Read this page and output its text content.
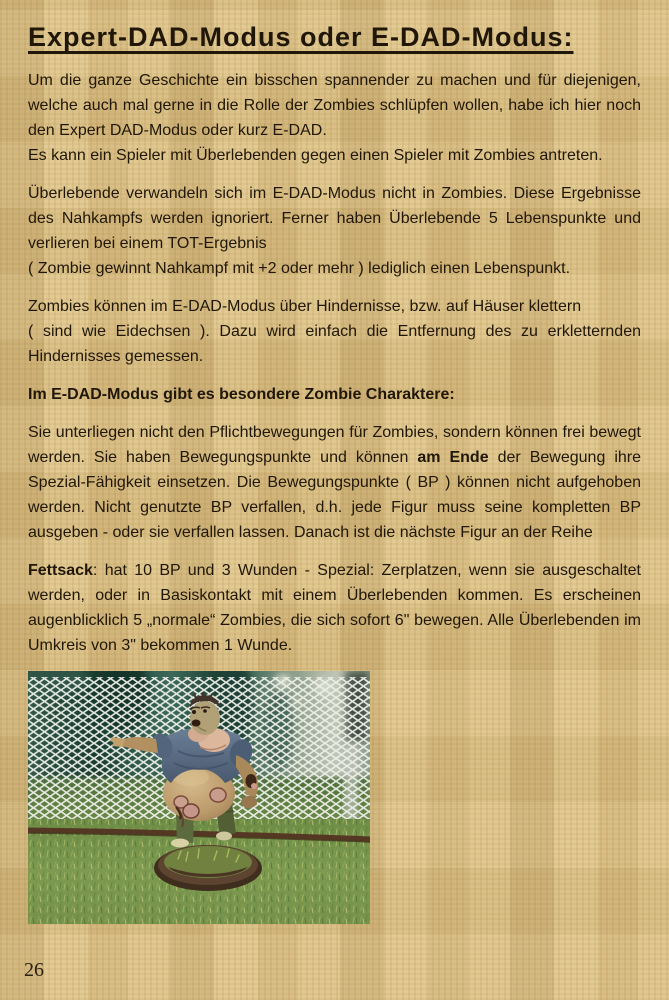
Expert-DAD-Modus oder E-DAD-Modus:
Um die ganze Geschichte ein bisschen spannender zu machen und für diejenigen, welche auch mal gerne in die Rolle der Zombies schlüpfen wollen, habe ich hier noch den Expert DAD-Modus oder kurz E-DAD.
Es kann ein Spieler mit Überlebenden gegen einen Spieler mit Zombies antreten.
Überlebende verwandeln sich im E-DAD-Modus nicht in Zombies. Diese Ergebnisse des Nahkampfs werden ignoriert. Ferner haben Überlebende 5 Lebenspunkte und verlieren bei einem TOT-Ergebnis
( Zombie gewinnt Nahkampf mit +2 oder mehr ) lediglich einen Lebenspunkt.
Zombies können im E-DAD-Modus über Hindernisse, bzw. auf Häuser klettern
( sind wie Eidechsen ). Dazu wird einfach die Entfernung des zu erkletternden Hindernisses gemessen.
Im E-DAD-Modus gibt es besondere Zombie Charaktere:
Sie unterliegen nicht den Pflichtbewegungen für Zombies, sondern können frei bewegt werden. Sie haben Bewegungspunkte und können am Ende der Bewegung ihre Spezial-Fähigkeit einsetzen. Die Bewegungspunkte ( BP ) können nicht aufgehoben werden. Nicht genutzte BP verfallen, d.h. jede Figur muss seine kompletten BP ausgeben - oder sie verfallen lassen. Danach ist die nächste Figur an der Reihe
Fettsack: hat 10 BP und 3 Wunden - Spezial: Zerplatzen, wenn sie ausgeschaltet werden, oder in Basiskontakt mit einem Überlebenden kommen. Es erscheinen augenblicklich 5 „normale“ Zombies, die sich sofort 6" bewegen. Alle Überlebenden im Umkreis von 3" bekommen 1 Wunde.
26
